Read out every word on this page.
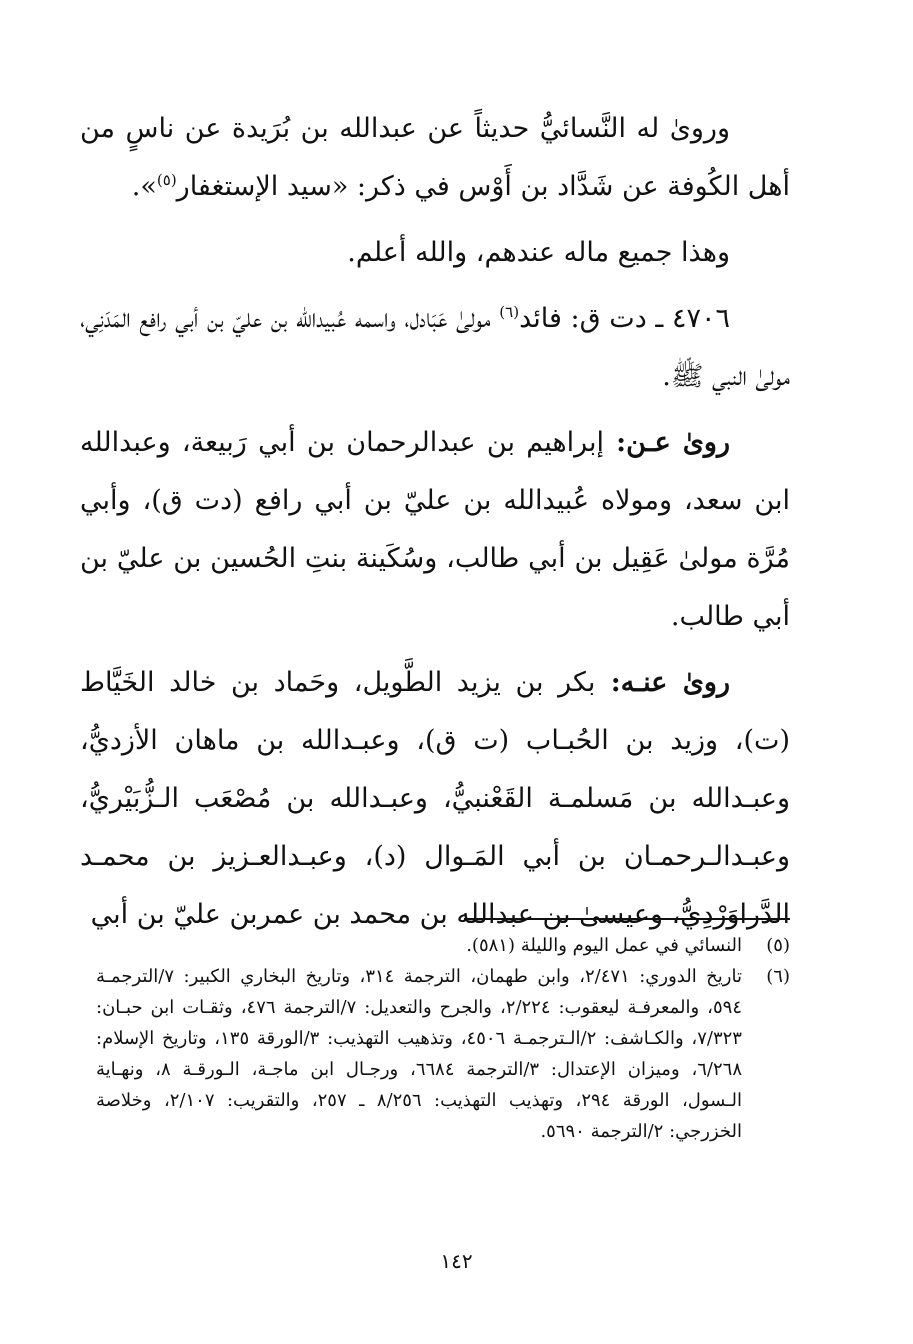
وروىٰ له النَّسائيُّ حديثاً عن عبدالله بن بُرَيدة عن ناسٍ من أهل الكُوفة عن شَدَّاد بن أَوْس في ذكر: «سيد الإستغفار$^{(٥)}$».

وهذا جميع ماله عندهم، والله أعلم.

٤٧٠٦ ـ دت ق: فائد$^{(٦)}$ مولىٰ عَبَادل، واسمه عُبيدالله بن عليّ بن أبي رافع المَدَنِي، مولىٰ النبي ﷺ.

روىٰ عـن: إبراهيم بن عبدالرحمان بن أبي رَبيعة، وعبدالله ابن سعد، ومولاه عُبيدالله بن عليّ بن أبي رافع (دت ق)، وأبي مُرَّة مولىٰ عَقِيل بن أبي طالب، وسُكَينة بنتِ الحُسين بن عليّ بن أبي طالب.

روىٰ عنـه: بكر بن يزيد الطَّويل، وحَماد بن خالد الخَيَّاط (ت)، وزيد بن الحُبـاب (ت ق)، وعبـدالله بن ماهان الأزديُّ، وعبـدالله بن مَسلمـة القَعْنبيُّ، وعبـدالله بن مُصْعَب الـزُّبَيْريُّ، وعبـدالـرحمـان بن أبي المَـوال (د)، وعبـدالعـزيز بن محمـد الدَّراوَرْدِيُّ، وعيسىٰ بن عبدالله بن محمد بن عمربن عليّ بن أبي

(٥)
النسائي في عمل اليوم والليلة (٥٨١).
(٦)
تاريخ الدوري: ٢/٤٧١، وابن طهمان، الترجمة ٣١٤، وتاريخ البخاري الكبير: ٧/الترجمـة ٥٩٤، والمعرفـة ليعقوب: ٢/٢٢٤، والجرح والتعديل: ٧/الترجمة ٤٧٦، وثقـات ابن حبـان: ٧/٣٢٣، والكـاشف: ٢/الـترجمـة ٤٥٠٦، وتذهيب التهذيب: ٣/الورقة ١٣٥، وتاريخ الإسلام: ٦/٢٦٨، وميزان الإعتدال: ٣/الترجمة ٦٦٨٤، ورجـال ابن ماجـة، الـورقـة ٨، ونهـاية الـسول، الورقة ٢٩٤، وتهذيب التهذيب: ٨/٢٥٦ ـ ٢٥٧، والتقريب: ٢/١٠٧، وخلاصة الخزرجي: ٢/الترجمة ٥٦٩٠.
١٤٢
